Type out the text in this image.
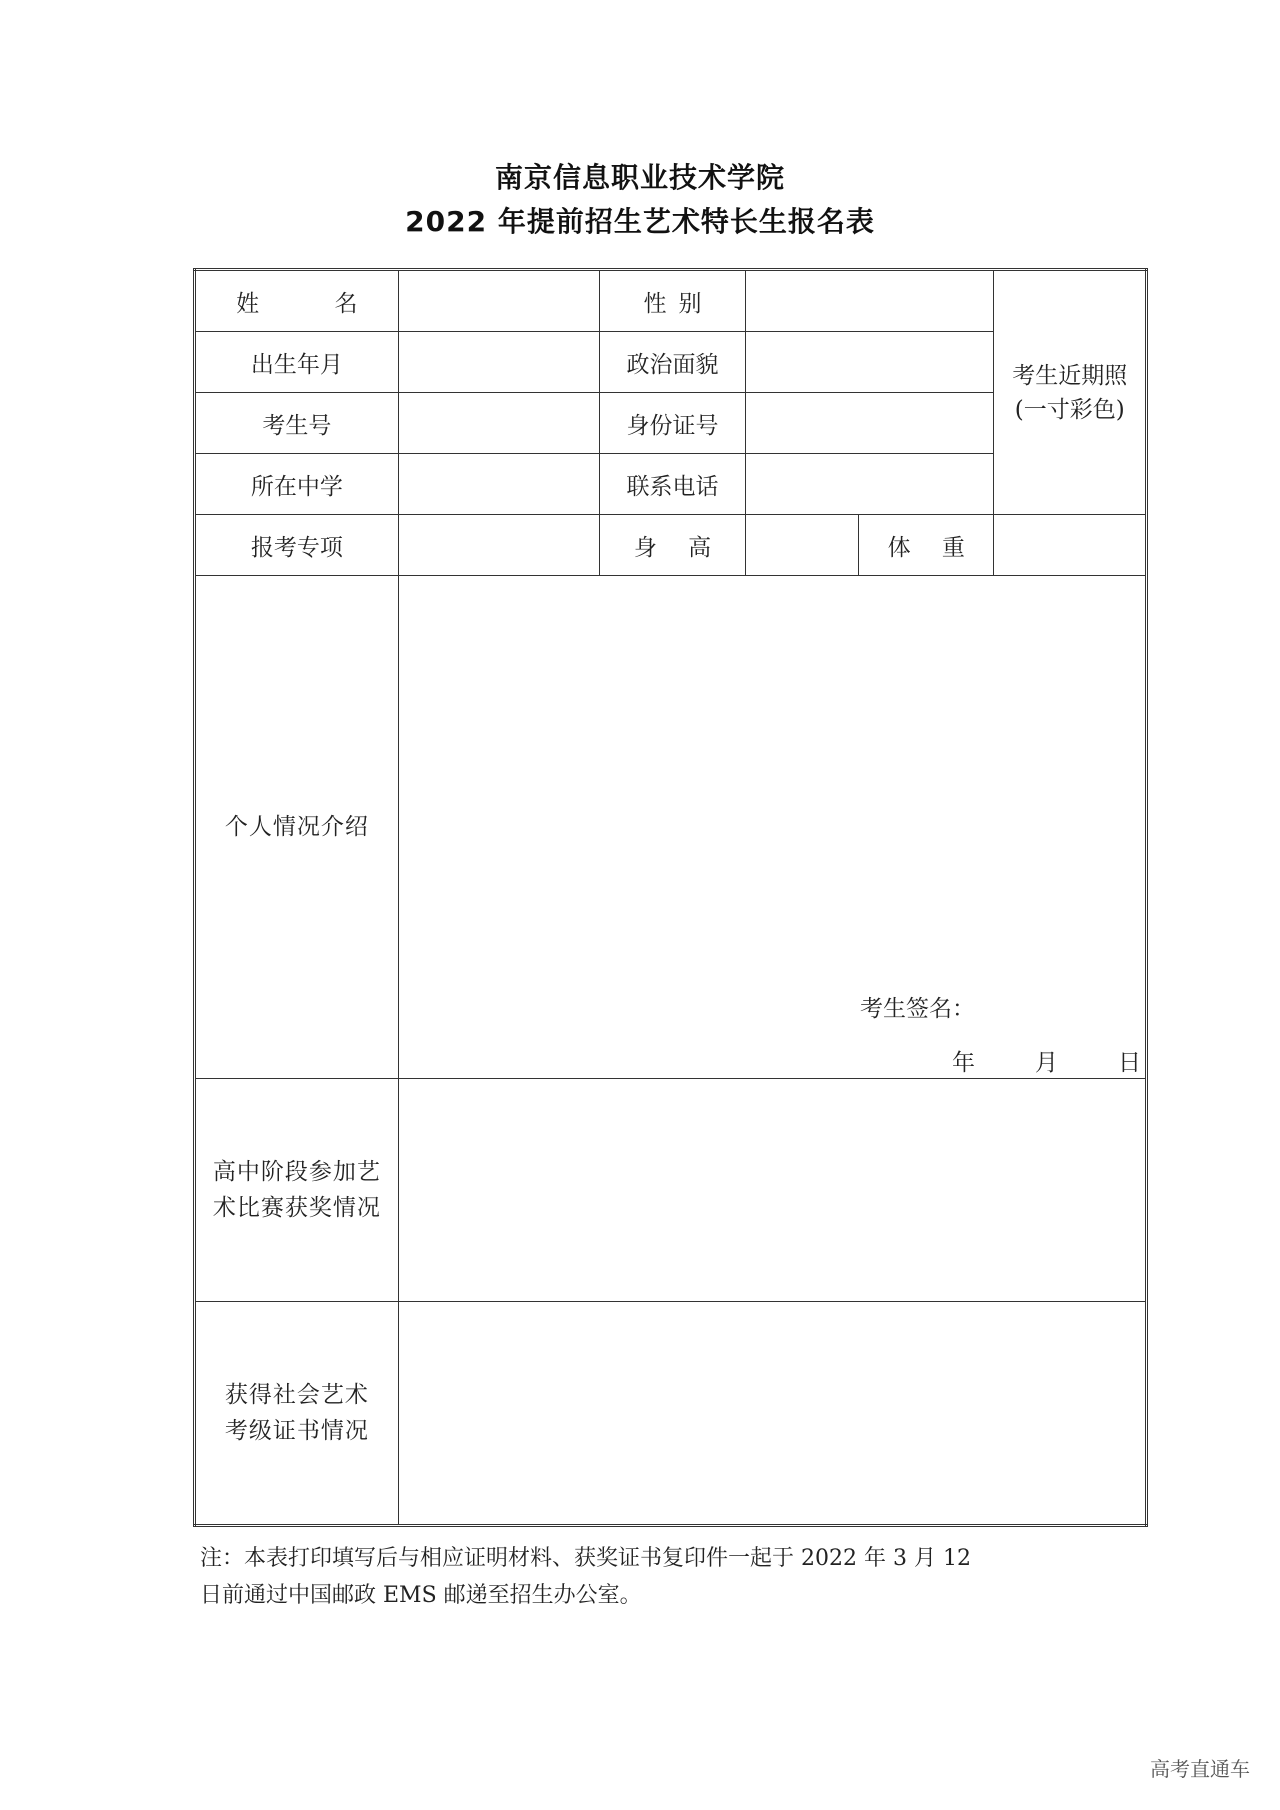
南京信息职业技术学院
2022 年提前招生艺术特长生报名表
姓 名		性别			考生近期照
(一寸彩色)

出生年月		政治面貌			
考生号		身份证号			
所在中学		联系电话			
报考专项		身 高		体 重	
个人情况介绍	考生签名：
年 月 日				

高中阶段参加艺
术比赛获奖情况					

获得社会艺术
考级证书情况					

注：本表打印填写后与相应证明材料、获奖证书复印件一起于 2022 年 3 月 12
日前通过中国邮政 EMS 邮递至招生办公室。
高考直通车
